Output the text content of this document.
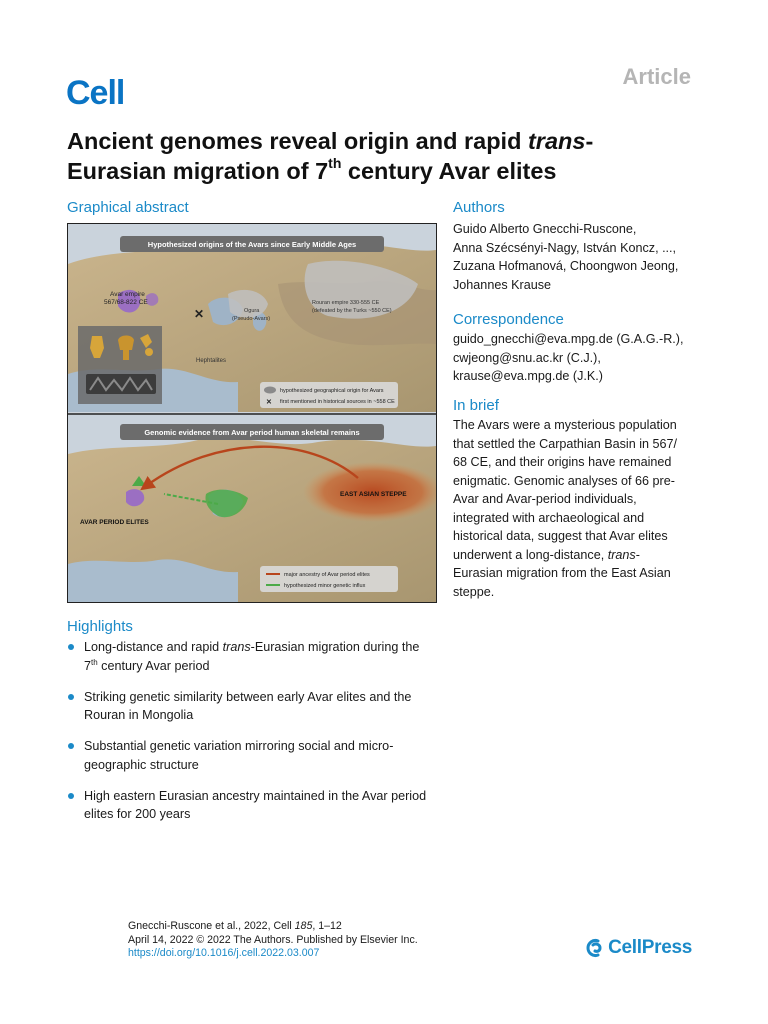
Cell	Article
Ancient genomes reveal origin and rapid trans-
Eurasian migration of 7th century Avar elites
Graphical abstract
Hephtalites
Ogura
(Pseudo-Avars)
Rouran empire 330-555 CE
(defeated by the Turks ~550 CE)
✕
Avar empire
567/68-822 CE
hypothesized geographical origin for Avars
✕ first mentioned in historical sources in ~558 CE
Hypothesized origins of the Avars since Early Middle Ages
EAST ASIAN STEPPE
AVAR PERIOD ELITES
major ancestry of Avar period elites
hypothesized minor genetic influx
Genomic evidence from Avar period human skeletal remains
Authors
Guido Alberto Gnecchi-Ruscone,
Anna Szécsényi-Nagy, István Koncz, ...,
Zuzana Hofmanová, Choongwon Jeong,
Johannes Krause
Correspondence
guido_gnecchi@eva.mpg.de (G.A.G.-R.),
cwjeong@snu.ac.kr (C.J.),
krause@eva.mpg.de (J.K.)
In brief
The Avars were a mysterious population
that settled the Carpathian Basin in 567/
68 CE, and their origins have remained
enigmatic. Genomic analyses of 66 pre-
Avar and Avar-period individuals,
integrated with archaeological and
historical data, suggest that Avar elites
underwent a long-distance, trans-
Eurasian migration from the East Asian
steppe.
Highlights
Long-distance and rapid trans-Eurasian migration during the
7th century Avar period
Striking genetic similarity between early Avar elites and the
Rouran in Mongolia
Substantial genetic variation mirroring social and micro-
geographic structure
High eastern Eurasian ancestry maintained in the Avar period
elites for 200 years
Gnecchi-Ruscone et al., 2022, Cell 185, 1–12
April 14, 2022 © 2022 The Authors. Published by Elsevier Inc.
https://doi.org/10.1016/j.cell.2022.03.007	CellPress
